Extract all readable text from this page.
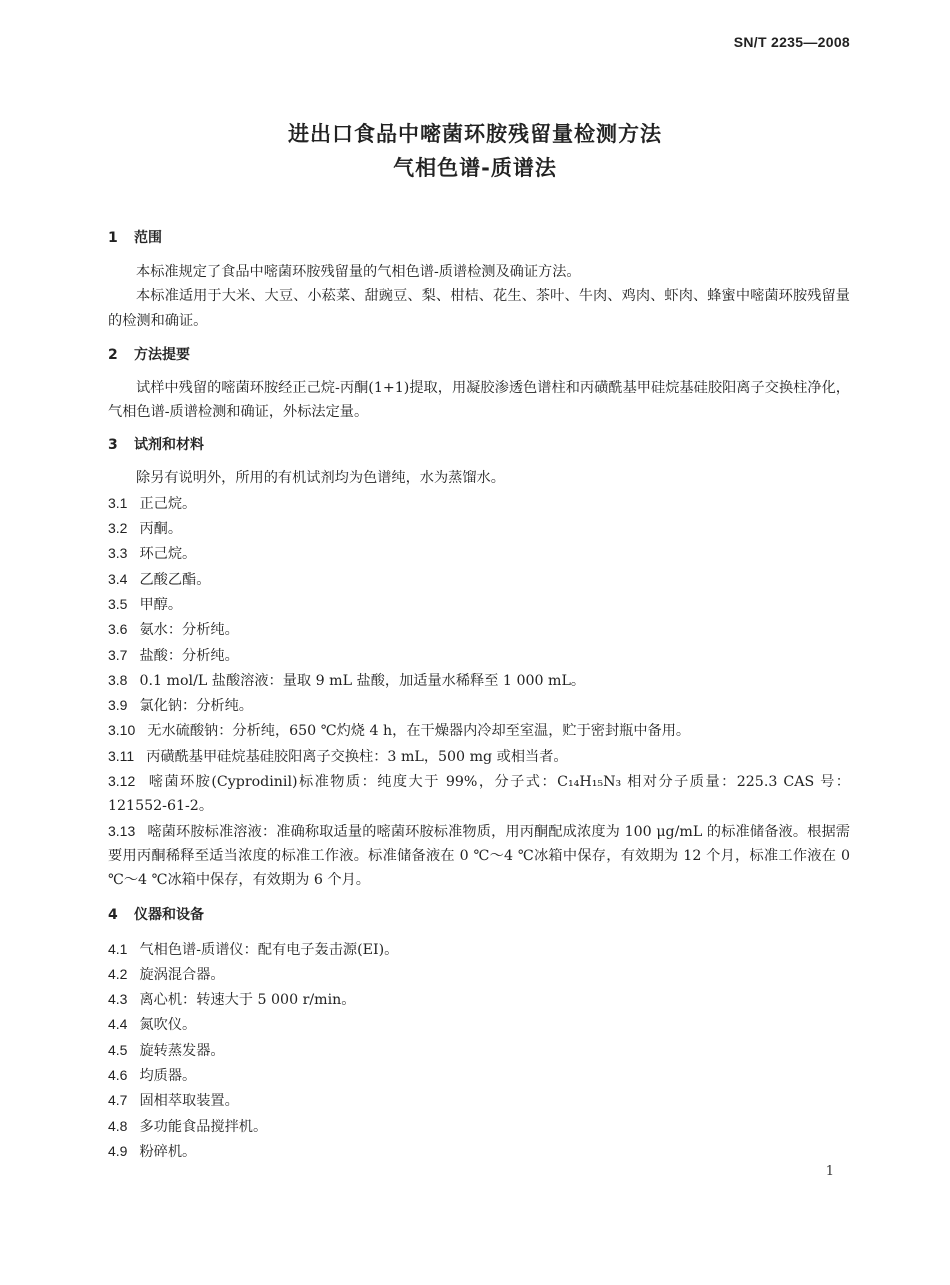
SN/T 2235—2008
进出口食品中嘧菌环胺残留量检测方法
气相色谱-质谱法
1 范围

本标准规定了食品中嘧菌环胺残留量的气相色谱-质谱检测及确证方法。

本标准适用于大米、大豆、小菘菜、甜豌豆、梨、柑桔、花生、茶叶、牛肉、鸡肉、虾肉、蜂蜜中嘧菌环胺残留量的检测和确证。

2 方法提要

试样中残留的嘧菌环胺经正己烷-丙酮(1+1)提取，用凝胶渗透色谱柱和丙磺酰基甲硅烷基硅胶阳离子交换柱净化，气相色谱-质谱检测和确证，外标法定量。

3 试剂和材料

除另有说明外，所用的有机试剂均为色谱纯，水为蒸馏水。

3.1 正己烷。

3.2 丙酮。

3.3 环己烷。

3.4 乙酸乙酯。

3.5 甲醇。

3.6 氨水：分析纯。

3.7 盐酸：分析纯。

3.8 0.1 mol/L 盐酸溶液：量取 9 mL 盐酸，加适量水稀释至 1 000 mL。

3.9 氯化钠：分析纯。

3.10 无水硫酸钠：分析纯，650 ℃灼烧 4 h，在干燥器内冷却至室温，贮于密封瓶中备用。

3.11 丙磺酰基甲硅烷基硅胶阳离子交换柱：3 mL，500 mg 或相当者。

3.12 嘧菌环胺(Cyprodinil)标准物质：纯度大于 99%，分子式：C₁₄H₁₅N₃ 相对分子质量：225.3 CAS 号：121552-61-2。

3.13 嘧菌环胺标准溶液：准确称取适量的嘧菌环胺标准物质，用丙酮配成浓度为 100 μg/mL 的标准储备液。根据需要用丙酮稀释至适当浓度的标准工作液。标准储备液在 0 ℃～4 ℃冰箱中保存，有效期为 12 个月，标准工作液在 0 ℃～4 ℃冰箱中保存，有效期为 6 个月。

4 仪器和设备

4.1 气相色谱-质谱仪：配有电子轰击源(EI)。

4.2 旋涡混合器。

4.3 离心机：转速大于 5 000 r/min。

4.4 氮吹仪。

4.5 旋转蒸发器。

4.6 均质器。

4.7 固相萃取装置。

4.8 多功能食品搅拌机。

4.9 粉碎机。

1
